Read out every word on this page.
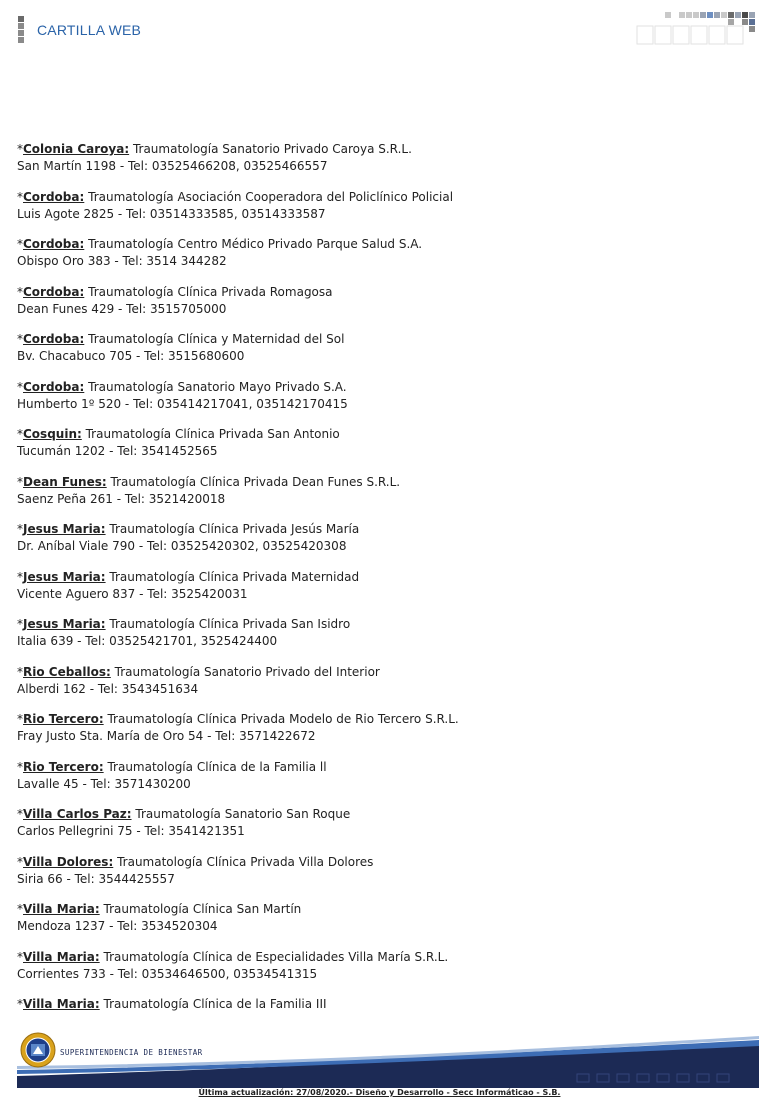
CARTILLA WEB
*Colonia Caroya: Traumatología Sanatorio Privado Caroya S.R.L.
San Martín 1198 - Tel: 03525466208, 03525466557
*Cordoba: Traumatología Asociación Cooperadora del Policlínico Policial
Luis Agote 2825 - Tel: 03514333585, 03514333587
*Cordoba: Traumatología Centro Médico Privado Parque Salud S.A.
Obispo Oro 383 - Tel: 3514 344282
*Cordoba: Traumatología Clínica Privada Romagosa
Dean Funes 429 - Tel: 3515705000
*Cordoba: Traumatología Clínica y Maternidad del Sol
Bv. Chacabuco 705 - Tel: 3515680600
*Cordoba: Traumatología Sanatorio Mayo Privado S.A.
Humberto 1º 520 - Tel: 035414217041, 035142170415
*Cosquin: Traumatología Clínica Privada San Antonio
Tucumán 1202 - Tel: 3541452565
*Dean Funes: Traumatología Clínica Privada Dean Funes S.R.L.
Saenz Peña 261 - Tel: 3521420018
*Jesus Maria: Traumatología Clínica Privada Jesús María
Dr. Aníbal Viale 790 - Tel: 03525420302, 03525420308
*Jesus Maria: Traumatología Clínica Privada Maternidad
Vicente Aguero 837 - Tel: 3525420031
*Jesus Maria: Traumatología Clínica Privada San Isidro
Italia 639 - Tel: 03525421701, 3525424400
*Rio Ceballos: Traumatología Sanatorio Privado del Interior
Alberdi 162 - Tel: 3543451634
*Rio Tercero: Traumatología Clínica Privada Modelo de Rio Tercero S.R.L.
Fray Justo Sta. María de Oro 54 - Tel: 3571422672
*Rio Tercero: Traumatología Clínica de la Familia ll
Lavalle 45 - Tel: 3571430200
*Villa Carlos Paz: Traumatología Sanatorio San Roque
Carlos Pellegrini 75 - Tel: 3541421351
*Villa Dolores: Traumatología Clínica Privada Villa Dolores
Siria 66 - Tel: 3544425557
*Villa Maria: Traumatología Clínica San Martín
Mendoza 1237 - Tel: 3534520304
*Villa Maria: Traumatología Clínica de Especialidades Villa María S.R.L.
Corrientes 733 - Tel: 03534646500, 03534541315
*Villa Maria: Traumatología Clínica de la Familia III
SUPERINTENDENCIA DE BIENESTAR
Última actualización: 27/08/2020.- Diseño y Desarrollo - Secc Informáticao - S.B.
